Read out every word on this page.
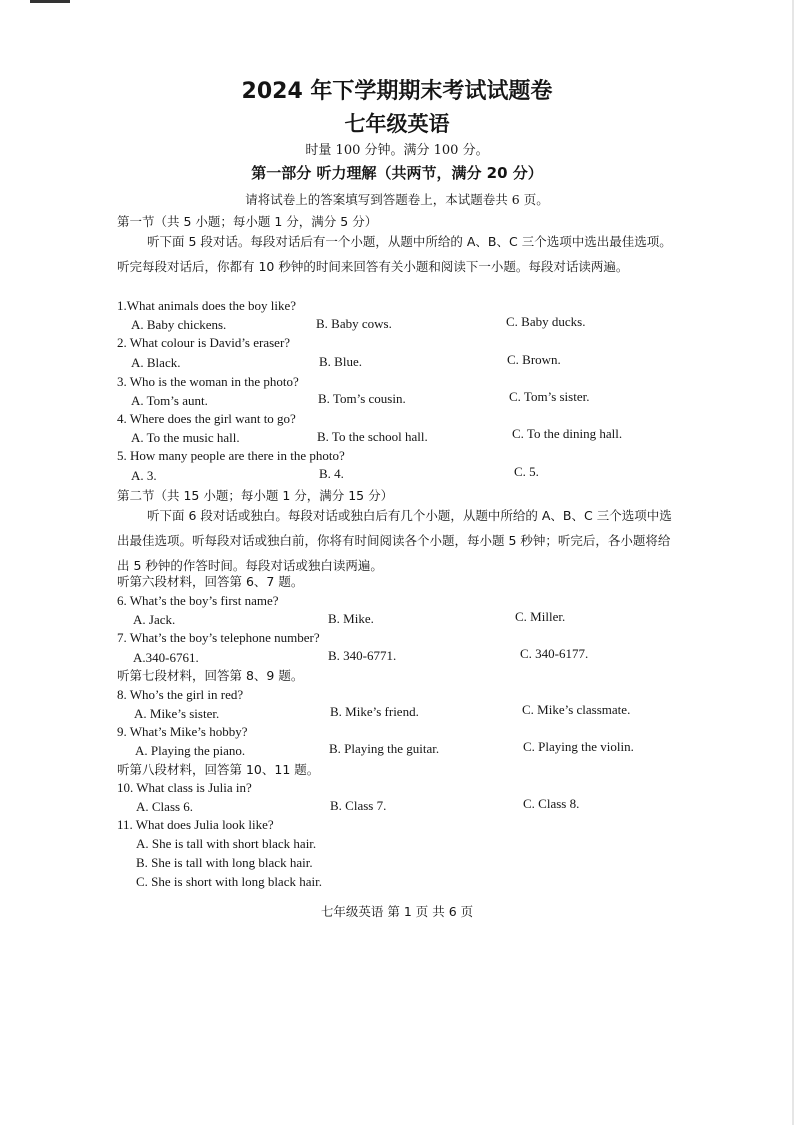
2024 年下学期期末考试试题卷
七年级英语
时量 100 分钟。满分 100 分。
第一部分 听力理解（共两节，满分 20 分）
请将试卷上的答案填写到答题卷上，本试题卷共 6 页。
第一节（共 5 小题；每小题 1 分，满分 5 分）
听下面 5 段对话。每段对话后有一个小题，从题中所给的 A、B、C 三个选项中选出最佳选项。听完每段对话后，你都有 10 秒钟的时间来回答有关小题和阅读下一小题。每段对话读两遍。
1.What animals does the boy like?
A. Baby chickens.	B. Baby cows.	C. Baby ducks.
2. What colour is David’s eraser?
A. Black.	B. Blue.	C. Brown.
3. Who is the woman in the photo?
A. Tom’s aunt.	B. Tom’s cousin.	C. Tom’s sister.
4. Where does the girl want to go?
A. To the music hall.	B. To the school hall.	C. To the dining hall.
5. How many people are there in the photo?
A. 3.	B. 4.	C. 5.
第二节（共 15 小题；每小题 1 分，满分 15 分）
听下面 6 段对话或独白。每段对话或独白后有几个小题，从题中所给的 A、B、C 三个选项中选出最佳选项。听每段对话或独白前，你将有时间阅读各个小题，每小题 5 秒钟；听完后，各小题将给出 5 秒钟的作答时间。每段对话或独白读两遍。
听第六段材料，回答第 6、7 题。
6. What’s the boy’s first name?
A. Jack.	B. Mike.	C. Miller.
7. What’s the boy’s telephone number?
A.340-6761.	B. 340-6771.	C. 340-6177.
听第七段材料，回答第 8、9 题。
8. Who’s the girl in red?
A. Mike’s sister.	B. Mike’s friend.	C. Mike’s classmate.
9. What’s Mike’s hobby?
A. Playing the piano.	B. Playing the guitar.	C. Playing the violin.
听第八段材料，回答第 10、11 题。
10. What class is Julia in?
A. Class 6.	B. Class 7.	C. Class 8.
11. What does Julia look like?
A. She is tall with short black hair.
B. She is tall with long black hair.
C. She is short with long black hair.
七年级英语 第 1 页 共 6 页
